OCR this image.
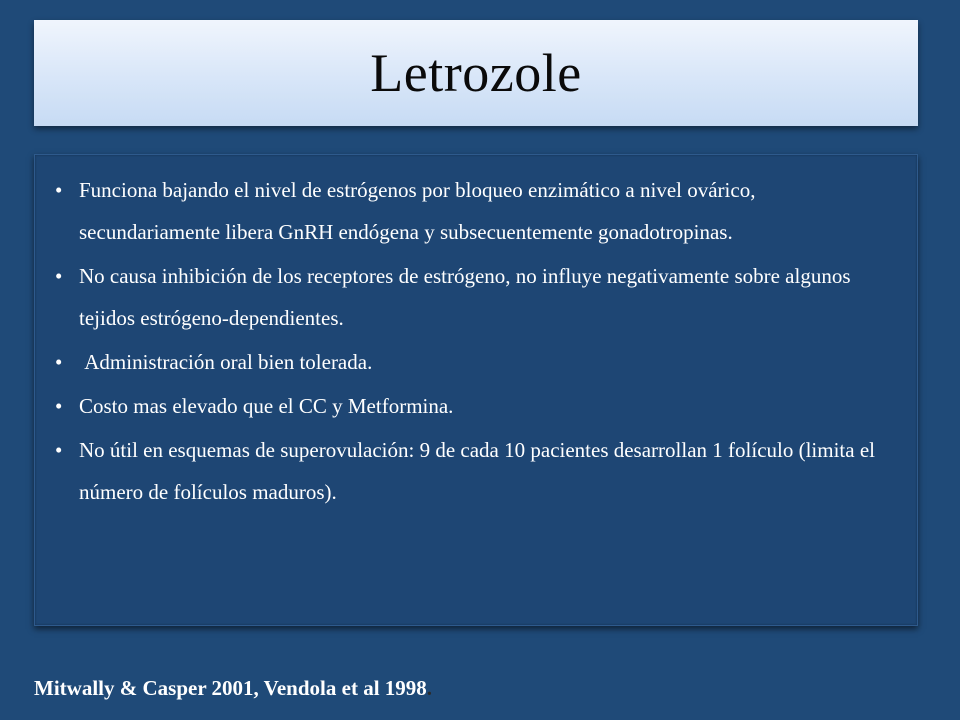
Letrozole
• Funciona bajando el nivel de estrógenos por bloqueo enzimático a nivel ovárico, secundariamente libera GnRH endógena y subsecuentemente gonadotropinas.
• No causa inhibición de los receptores de estrógeno, no influye negativamente sobre algunos tejidos estrógeno-dependientes.
• Administración oral bien tolerada.
• Costo mas elevado que el CC y Metformina.
• No útil en esquemas de superovulación: 9 de cada 10 pacientes desarrollan 1 folículo (limita el número de folículos maduros).
Mitwally & Casper 2001, Vendola et al 1998.
